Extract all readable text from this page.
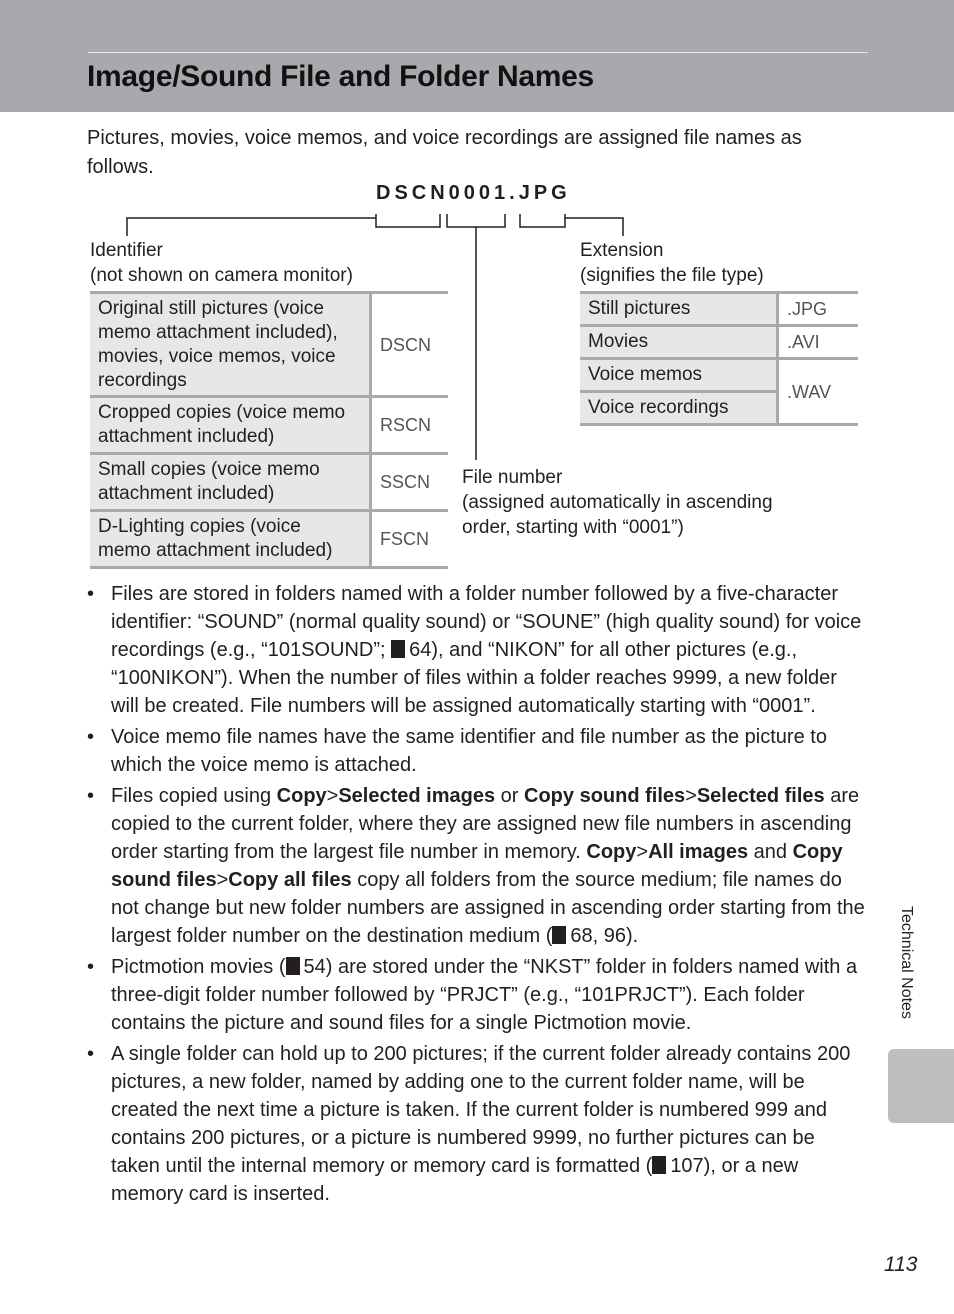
Image/Sound File and Folder Names
Pictures, movies, voice memos, and voice recordings are assigned file names as follows.
DSCN0001.JPG
Identifier
(not shown on camera monitor)
Extension
(signifies the file type)
File number
(assigned automatically in ascending
order, starting with “0001”)
Original still pictures (voice
memo attachment included),
movies, voice memos, voice
recordings	DSCN
Cropped copies (voice memo
attachment included)	RSCN
Small copies (voice memo
attachment included)	SSCN
D-Lighting copies (voice
memo attachment included)	FSCN
Still pictures	.JPG
Movies	.AVI
Voice memos	.WAV
Voice recordings	
• Files are stored in folders named with a folder number followed by a five-character identifier: “SOUND” (normal quality sound) or “SOUNE” (high quality sound) for voice recordings (e.g., “101SOUND”; 64), and “NIKON” for all other pictures (e.g., “100NIKON”). When the number of files within a folder reaches 9999, a new folder will be created. File numbers will be assigned automatically starting with “0001”.
• Voice memo file names have the same identifier and file number as the picture to which the voice memo is attached.
• Files copied using Copy>Selected images or Copy sound files>Selected files are copied to the current folder, where they are assigned new file numbers in ascending order starting from the largest file number in memory. Copy>All images and Copy sound files>Copy all files copy all folders from the source medium; file names do not change but new folder numbers are assigned in ascending order starting from the largest folder number on the destination medium ( 68, 96).
• Pictmotion movies ( 54) are stored under the “NKST” folder in folders named with a three-digit folder number followed by “PRJCT” (e.g., “101PRJCT”). Each folder contains the picture and sound files for a single Pictmotion movie.
• A single folder can hold up to 200 pictures; if the current folder already contains 200 pictures, a new folder, named by adding one to the current folder name, will be created the next time a picture is taken. If the current folder is numbered 999 and contains 200 pictures, or a picture is numbered 9999, no further pictures can be taken until the internal memory or memory card is formatted ( 107), or a new memory card is inserted.
Technical Notes
113
